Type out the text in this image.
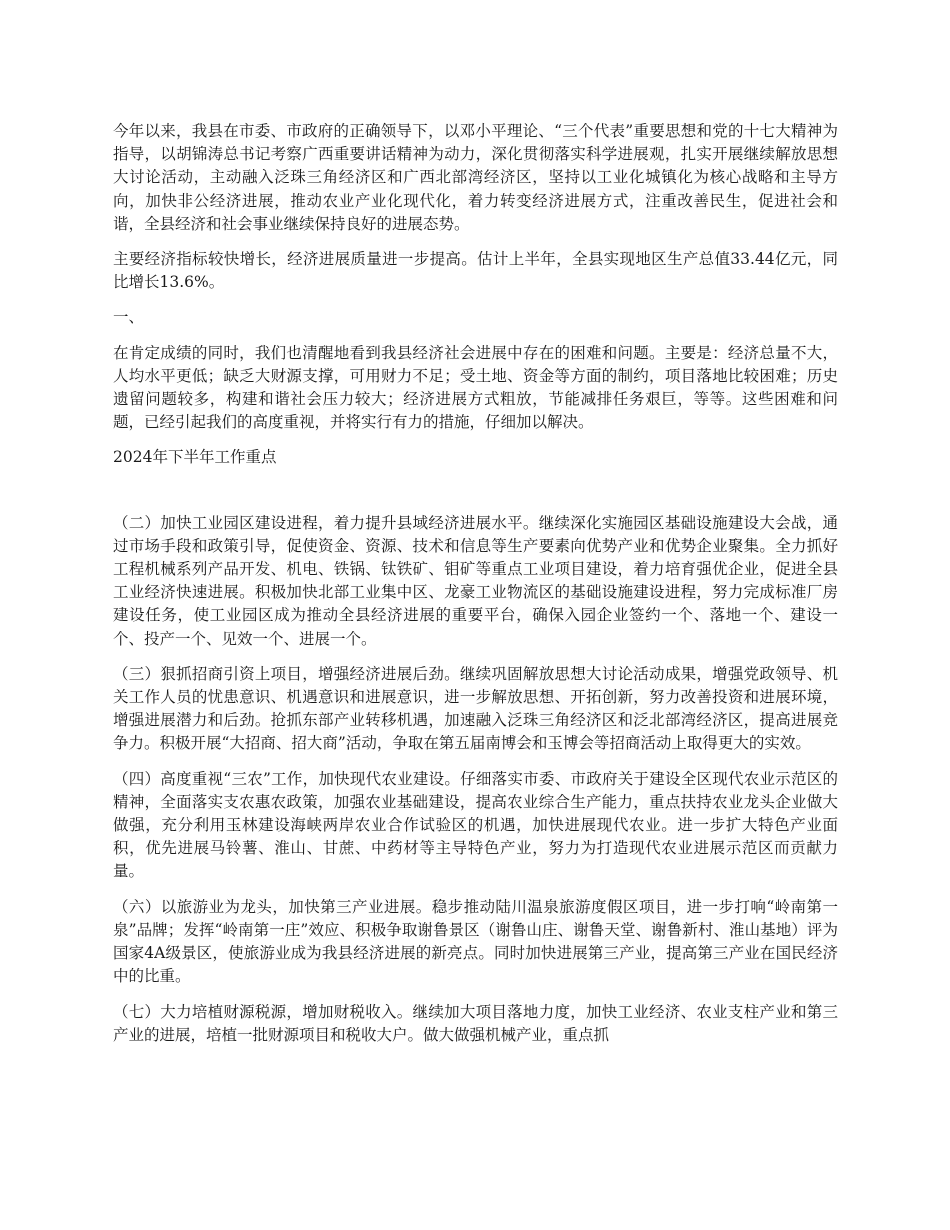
今年以来，我县在市委、市政府的正确领导下，以邓小平理论、“三个代表”重要思想和党的十七大精神为指导，以胡锦涛总书记考察广西重要讲话精神为动力，深化贯彻落实科学进展观，扎实开展继续解放思想大讨论活动，主动融入泛珠三角经济区和广西北部湾经济区，坚持以工业化城镇化为核心战略和主导方向，加快非公经济进展，推动农业产业化现代化，着力转变经济进展方式，注重改善民生，促进社会和谐，全县经济和社会事业继续保持良好的进展态势。

主要经济指标较快增长，经济进展质量进一步提高。估计上半年，全县实现地区生产总值33.44亿元，同比增长13.6%。

一、

在肯定成绩的同时，我们也清醒地看到我县经济社会进展中存在的困难和问题。主要是：经济总量不大，人均水平更低；缺乏大财源支撑，可用财力不足；受土地、资金等方面的制约，项目落地比较困难；历史遗留问题较多，构建和谐社会压力较大；经济进展方式粗放，节能减排任务艰巨，等等。这些困难和问题，已经引起我们的高度重视，并将实行有力的措施，仔细加以解决。

2024年下半年工作重点

（二）加快工业园区建设进程，着力提升县域经济进展水平。继续深化实施园区基础设施建设大会战，通过市场手段和政策引导，促使资金、资源、技术和信息等生产要素向优势产业和优势企业聚集。全力抓好工程机械系列产品开发、机电、铁锅、钛铁矿、钼矿等重点工业项目建设，着力培育强优企业，促进全县工业经济快速进展。积极加快北部工业集中区、龙豪工业物流区的基础设施建设进程，努力完成标准厂房建设任务，使工业园区成为推动全县经济进展的重要平台，确保入园企业签约一个、落地一个、建设一个、投产一个、见效一个、进展一个。

（三）狠抓招商引资上项目，增强经济进展后劲。继续巩固解放思想大讨论活动成果，增强党政领导、机关工作人员的忧患意识、机遇意识和进展意识，进一步解放思想、开拓创新，努力改善投资和进展环境，增强进展潜力和后劲。抢抓东部产业转移机遇，加速融入泛珠三角经济区和泛北部湾经济区，提高进展竞争力。积极开展“大招商、招大商”活动，争取在第五届南博会和玉博会等招商活动上取得更大的实效。

（四）高度重视“三农”工作，加快现代农业建设。仔细落实市委、市政府关于建设全区现代农业示范区的精神，全面落实支农惠农政策，加强农业基础建设，提高农业综合生产能力，重点扶持农业龙头企业做大做强，充分利用玉林建设海峡两岸农业合作试验区的机遇，加快进展现代农业。进一步扩大特色产业面积，优先进展马铃薯、淮山、甘蔗、中药材等主导特色产业，努力为打造现代农业进展示范区而贡献力量。

（六）以旅游业为龙头，加快第三产业进展。稳步推动陆川温泉旅游度假区项目，进一步打响“岭南第一泉”品牌；发挥“岭南第一庄”效应、积极争取谢鲁景区（谢鲁山庄、谢鲁天堂、谢鲁新村、淮山基地）评为国家4A级景区，使旅游业成为我县经济进展的新亮点。同时加快进展第三产业，提高第三产业在国民经济中的比重。

（七）大力培植财源税源，增加财税收入。继续加大项目落地力度，加快工业经济、农业支柱产业和第三产业的进展，培植一批财源项目和税收大户。做大做强机械产业，重点抓
